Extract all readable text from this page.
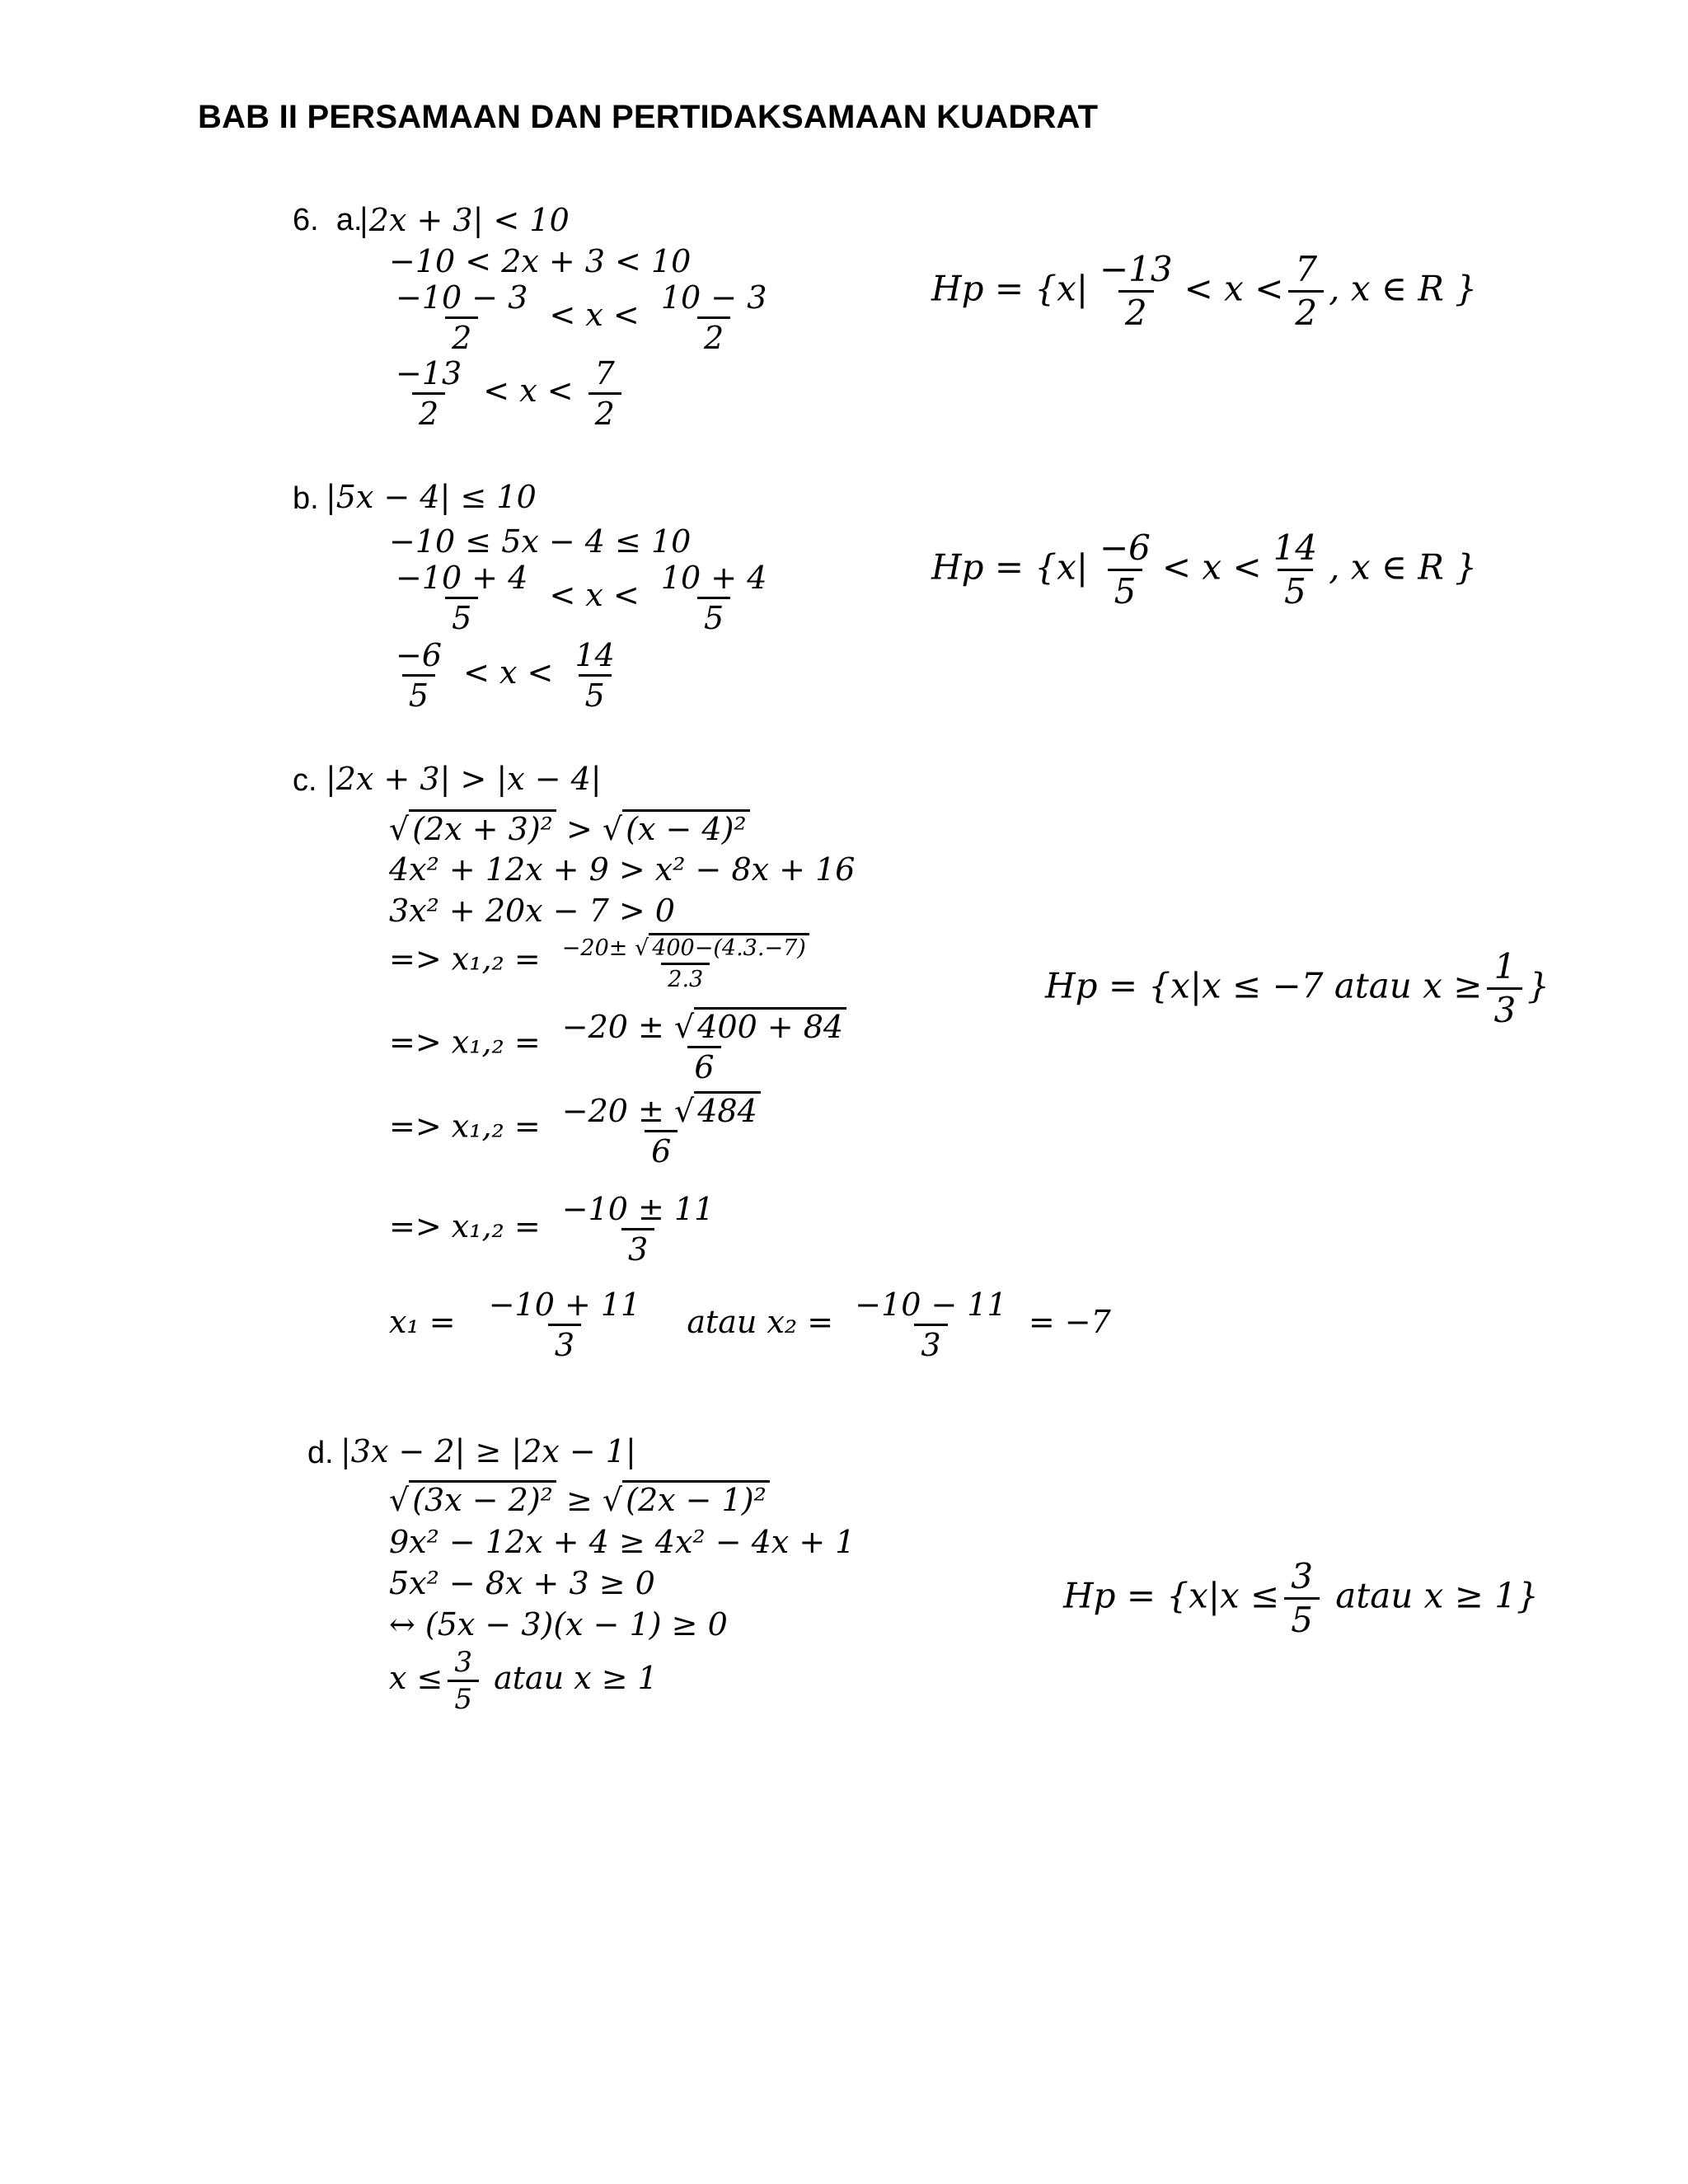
BAB II PERSAMAAN DAN PERTIDAKSAMAAN KUADRAT
6. a.
|2x + 3| < 10
−10 < 2x + 3 < 10
$\frac{-10 - 3}{2} < x < \frac{10 - 3}{2}$
$\frac{-13}{2} < x < \frac{7}{2}$
$Hp = \{x| \frac{-13}{2} < x < \frac{7}{2}$ , x ∈ R }
b. |5x − 4| ≤ 10
−10 ≤ 5x − 4 ≤ 10
$\frac{-10 + 4}{5} < x < \frac{10 + 4}{5}$
$\frac{-6}{5} < x < \frac{14}{5}$
$Hp = \{x| \frac{-6}{5} < x < \frac{14}{5}$ , x ∈ R }
c. |2x + 3| > |x − 4|
√ (2x + 3)² > √ (x − 4)²
4x² + 12x + 9 > x² − 8x + 16
3x² + 20x − 7 > 0
=> $x_1,_2 = \frac{-20\pm √ 400-(4.3.-7)}{2.3}$
=> $x_1,_2 = \frac{-20 \pm √ 400 + 84}{6}$
=> $x_1,_2 = \frac{-20 \pm √ 484}{6}$
=> $x_1,_2 = \frac{-10 \pm 11}{3}$
$x_1 = \frac{-10 + 11}{3}$ atau $x_2 = \frac{-10 - 11}{3} = -7$
Hp = {x|x ≤ −7 atau $x \ge \frac{1}{3}$ }
d. |3x − 2| ≥ |2x − 1|
√ (3x − 2)² ≥ √ (2x − 1)²
9x² − 12x + 4 ≥ 4x² − 4x + 1
5x² − 8x + 3 ≥ 0
↔ (5x − 3)(x − 1) ≥ 0
$x \le \frac{3}{5}$ atau x ≥ 1
$Hp = \{x|x \le \frac{3}{5}$ atau x ≥ 1}
